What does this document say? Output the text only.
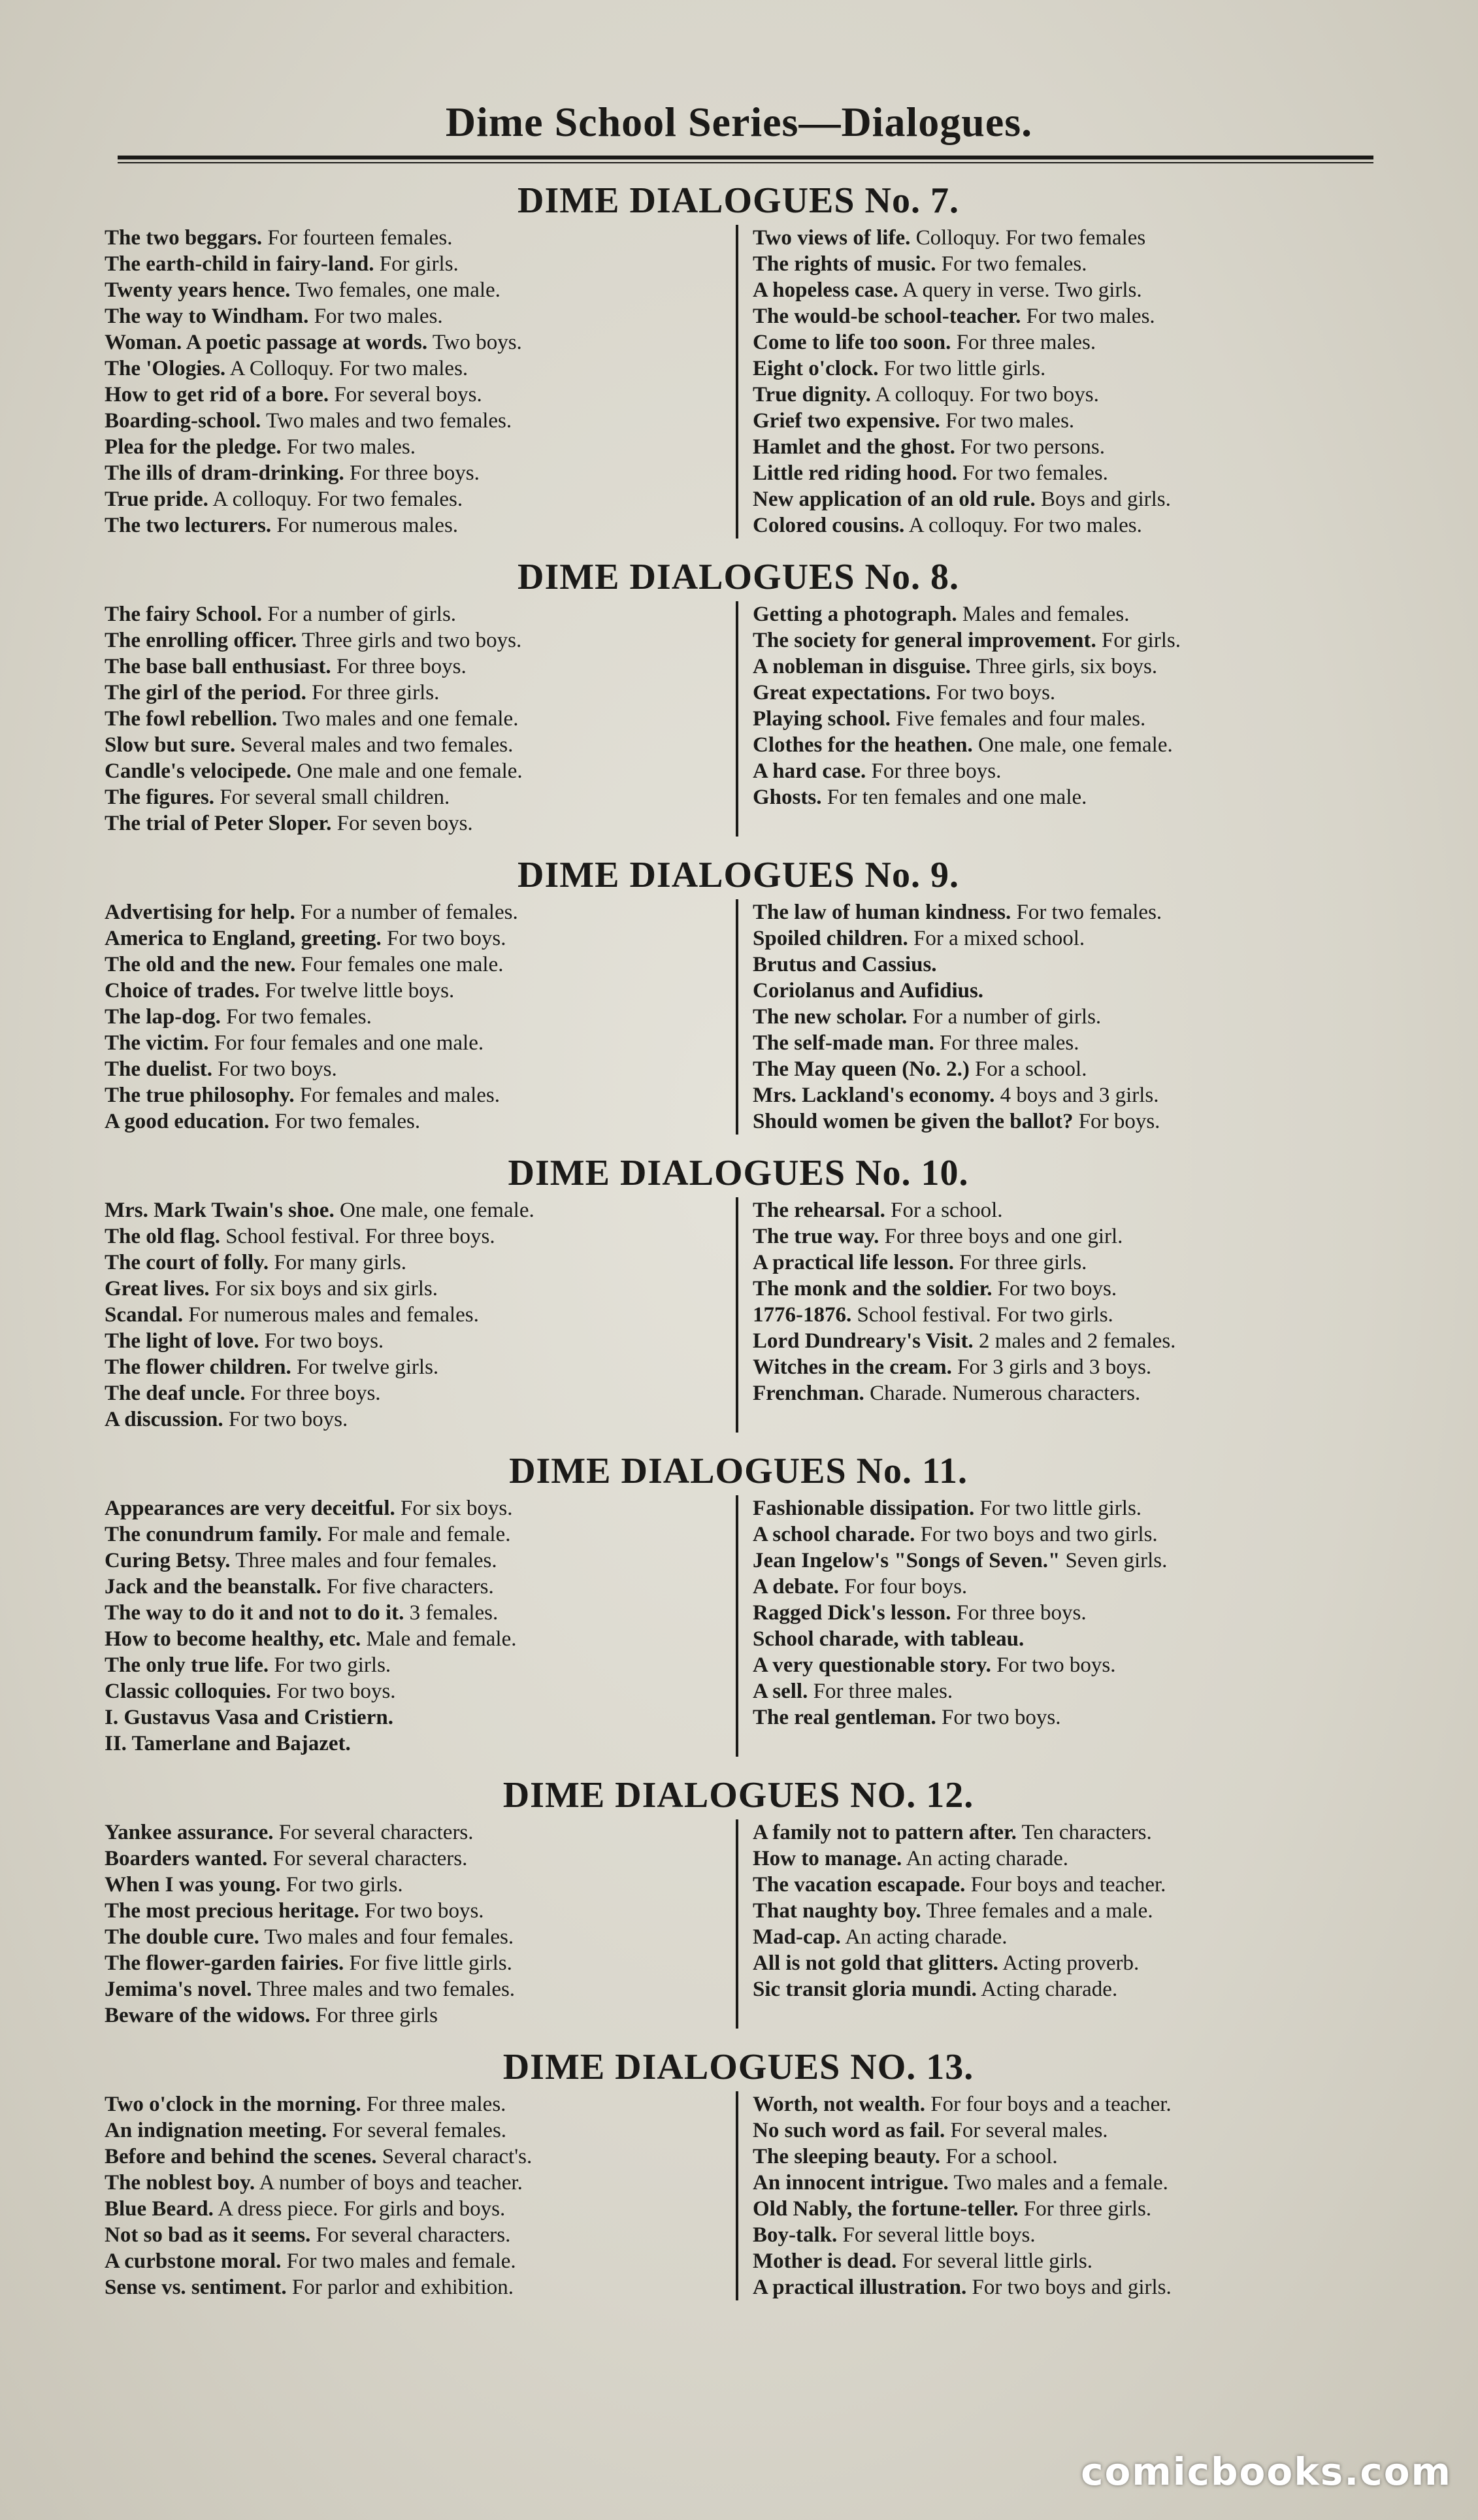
Dime School Series—Dialogues.
DIME DIALOGUES No. 7.
The two beggars. For fourteen females.
The earth-child in fairy-land. For girls.
Twenty years hence. Two females, one male.
The way to Windham. For two males.
Woman. A poetic passage at words. Two boys.
The 'Ologies. A Colloquy. For two males.
How to get rid of a bore. For several boys.
Boarding-school. Two males and two females.
Plea for the pledge. For two males.
The ills of dram-drinking. For three boys.
True pride. A colloquy. For two females.
The two lecturers. For numerous males.
Two views of life. Colloquy. For two females
The rights of music. For two females.
A hopeless case. A query in verse. Two girls.
The would-be school-teacher. For two males.
Come to life too soon. For three males.
Eight o'clock. For two little girls.
True dignity. A colloquy. For two boys.
Grief two expensive. For two males.
Hamlet and the ghost. For two persons.
Little red riding hood. For two females.
New application of an old rule. Boys and girls.
Colored cousins. A colloquy. For two males.
DIME DIALOGUES No. 8.
The fairy School. For a number of girls.
The enrolling officer. Three girls and two boys.
The base ball enthusiast. For three boys.
The girl of the period. For three girls.
The fowl rebellion. Two males and one female.
Slow but sure. Several males and two females.
Candle's velocipede. One male and one female.
The figures. For several small children.
The trial of Peter Sloper. For seven boys.
Getting a photograph. Males and females.
The society for general improvement. For girls.
A nobleman in disguise. Three girls, six boys.
Great expectations. For two boys.
Playing school. Five females and four males.
Clothes for the heathen. One male, one female.
A hard case. For three boys.
Ghosts. For ten females and one male.
DIME DIALOGUES No. 9.
Advertising for help. For a number of females.
America to England, greeting. For two boys.
The old and the new. Four females one male.
Choice of trades. For twelve little boys.
The lap-dog. For two females.
The victim. For four females and one male.
The duelist. For two boys.
The true philosophy. For females and males.
A good education. For two females.
The law of human kindness. For two females.
Spoiled children. For a mixed school.
Brutus and Cassius.
Coriolanus and Aufidius.
The new scholar. For a number of girls.
The self-made man. For three males.
The May queen (No. 2.) For a school.
Mrs. Lackland's economy. 4 boys and 3 girls.
Should women be given the ballot? For boys.
DIME DIALOGUES No. 10.
Mrs. Mark Twain's shoe. One male, one female.
The old flag. School festival. For three boys.
The court of folly. For many girls.
Great lives. For six boys and six girls.
Scandal. For numerous males and females.
The light of love. For two boys.
The flower children. For twelve girls.
The deaf uncle. For three boys.
A discussion. For two boys.
The rehearsal. For a school.
The true way. For three boys and one girl.
A practical life lesson. For three girls.
The monk and the soldier. For two boys.
1776-1876. School festival. For two girls.
Lord Dundreary's Visit. 2 males and 2 females.
Witches in the cream. For 3 girls and 3 boys.
Frenchman. Charade. Numerous characters.
DIME DIALOGUES No. 11.
Appearances are very deceitful. For six boys.
The conundrum family. For male and female.
Curing Betsy. Three males and four females.
Jack and the beanstalk. For five characters.
The way to do it and not to do it. 3 females.
How to become healthy, etc. Male and female.
The only true life. For two girls.
Classic colloquies. For two boys.
I. Gustavus Vasa and Cristiern.
II. Tamerlane and Bajazet.
Fashionable dissipation. For two little girls.
A school charade. For two boys and two girls.
Jean Ingelow's "Songs of Seven." Seven girls.
A debate. For four boys.
Ragged Dick's lesson. For three boys.
School charade, with tableau.
A very questionable story. For two boys.
A sell. For three males.
The real gentleman. For two boys.
DIME DIALOGUES NO. 12.
Yankee assurance. For several characters.
Boarders wanted. For several characters.
When I was young. For two girls.
The most precious heritage. For two boys.
The double cure. Two males and four females.
The flower-garden fairies. For five little girls.
Jemima's novel. Three males and two females.
Beware of the widows. For three girls
A family not to pattern after. Ten characters.
How to manage. An acting charade.
The vacation escapade. Four boys and teacher.
That naughty boy. Three females and a male.
Mad-cap. An acting charade.
All is not gold that glitters. Acting proverb.
Sic transit gloria mundi. Acting charade.
DIME DIALOGUES NO. 13.
Two o'clock in the morning. For three males.
An indignation meeting. For several females.
Before and behind the scenes. Several charact's.
The noblest boy. A number of boys and teacher.
Blue Beard. A dress piece. For girls and boys.
Not so bad as it seems. For several characters.
A curbstone moral. For two males and female.
Sense vs. sentiment. For parlor and exhibition.
Worth, not wealth. For four boys and a teacher.
No such word as fail. For several males.
The sleeping beauty. For a school.
An innocent intrigue. Two males and a female.
Old Nably, the fortune-teller. For three girls.
Boy-talk. For several little boys.
Mother is dead. For several little girls.
A practical illustration. For two boys and girls.
comicbooks.com
